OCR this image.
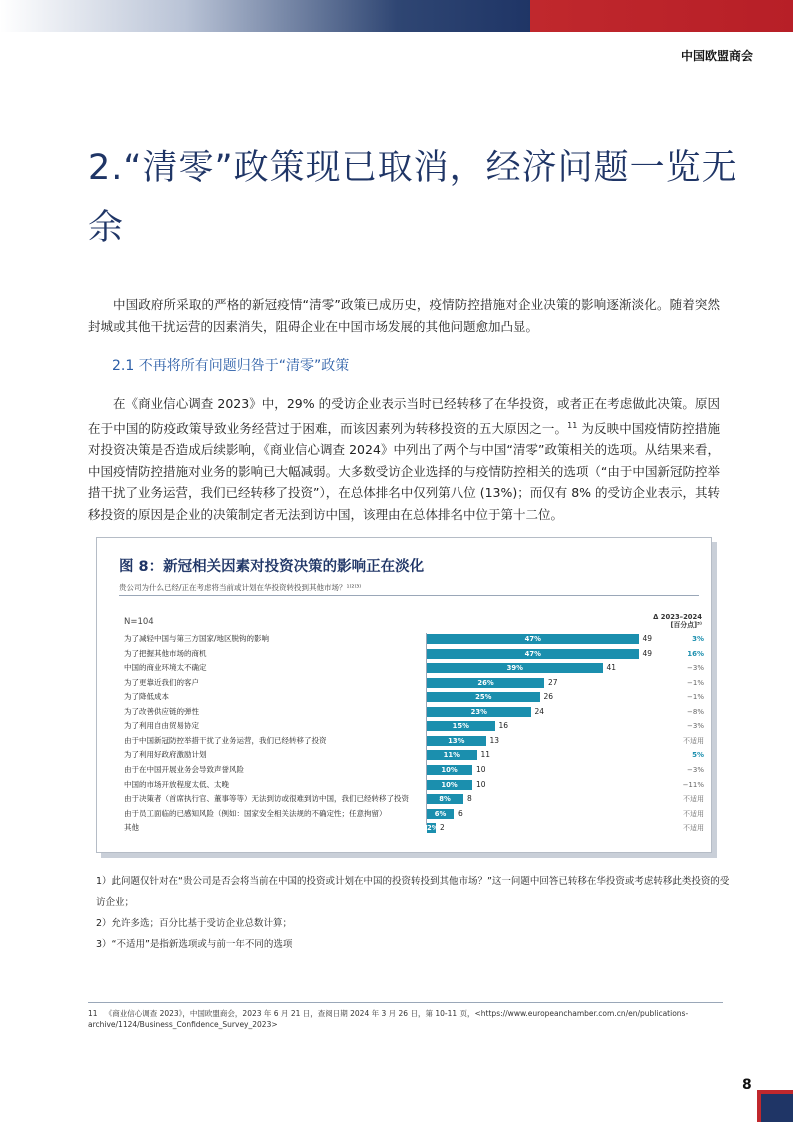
中国欧盟商会
2.“清零”政策现已取消，经济问题一览无余

中国政府所采取的严格的新冠疫情“清零”政策已成历史，疫情防控措施对企业决策的影响逐渐淡化。随着突然封城或其他干扰运营的因素消失，阻碍企业在中国市场发展的其他问题愈加凸显。

2.1 不再将所有问题归咎于“清零”政策

在《商业信心调查 2023》中，29% 的受访企业表示当时已经转移了在华投资，或者正在考虑做此决策。原因在于中国的防疫政策导致业务经营过于困难，而该因素列为转移投资的五大原因之一。$^{11}$ 为反映中国疫情防控措施对投资决策是否造成后续影响，《商业信心调查 2024》中列出了两个与中国“清零”政策相关的选项。从结果来看，中国疫情防控措施对业务的影响已大幅减弱。大多数受访企业选择的与疫情防控相关的选项（“由于中国新冠防控举措干扰了业务运营，我们已经转移了投资”），在总体排名中仅列第八位 (13%)；而仅有 8% 的受访企业表示，其转移投资的原因是企业的决策制定者无法到访中国，该理由在总体排名中位于第十二位。

图 8：新冠相关因素对投资决策的影响正在淡化
贵公司为什么已经/正在考虑将当前或计划在华投资转投到其他市场？¹⁾²⁾³⁾
N=104	Δ 2023–2024
[百分点]³⁾
为了减轻中国与第三方国家/地区脱钩的影响	47%	49	3%
为了把握其他市场的商机	47%	49	16%
中国的商业环境太不确定	39%	41	−3%
为了更靠近我们的客户	26%	27	−1%
为了降低成本	25%	26	−1%
为了改善供应链的弹性	23%	24	−8%
为了利用自由贸易协定	15%	16	−3%
由于中国新冠防控举措干扰了业务运营，我们已经转移了投资	13%	13	不适用
为了利用好政府激励计划	11%	11	5%
由于在中国开展业务会导致声誉风险	10%	10	−3%
中国的市场开放程度太低、太晚	10%	10	−11%
由于决策者（首席执行官、董事等等）无法到访或很难到访中国，我们已经转移了投资	8%	8	不适用
由于员工面临的已感知风险（例如：国家安全相关法规的不确定性；任意拘留）	6%	6	不适用
其他	2% 2	不适用

1）此问题仅针对在“贵公司是否会将当前在中国的投资或计划在中国的投资转投到其他市场？”这一问题中回答已转移在华投资或考虑转移此类投资的受访企业；

2）允许多选；百分比基于受访企业总数计算；

3）“不适用”是指新选项或与前一年不同的选项

11 《商业信心调查 2023》，中国欧盟商会，2023 年 6 月 21 日，查阅日期 2024 年 3 月 26 日，第 10-11 页，<https://www.europeanchamber.com.cn/en/publications-archive/1124/Business_Confidence_Survey_2023>
8
